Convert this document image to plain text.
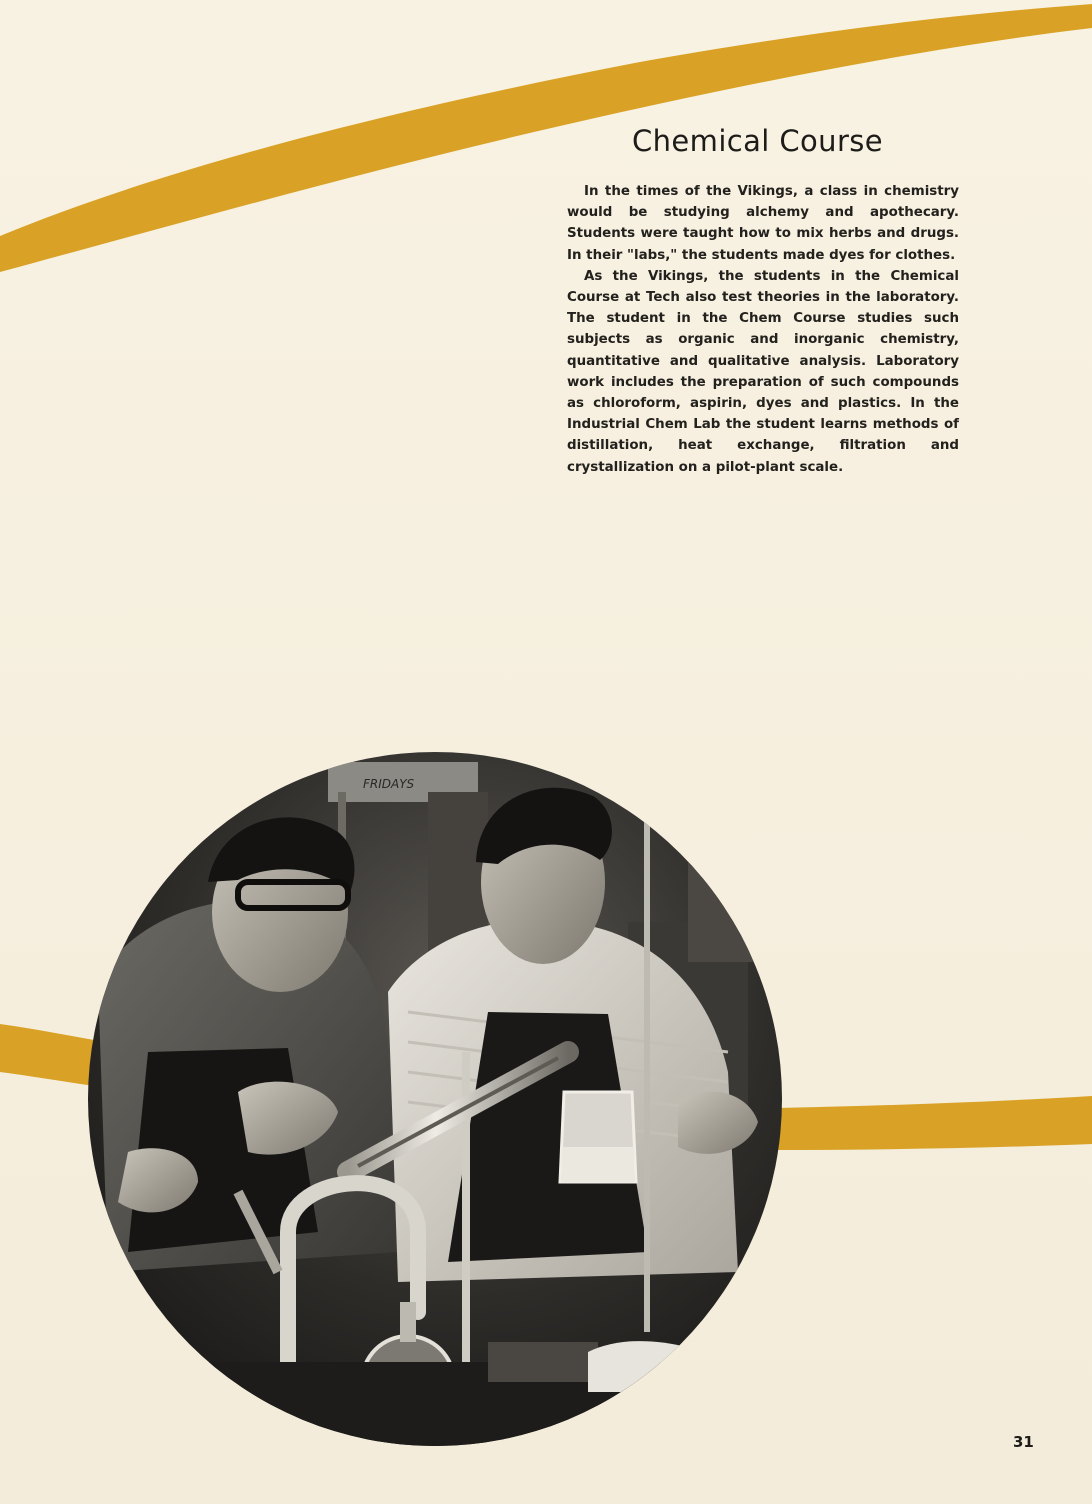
Chemical Course

In the times of the Vikings, a class in chemistry would be studying alchemy and apothecary. Students were taught how to mix herbs and drugs. In their "labs," the students made dyes for clothes.

As the Vikings, the students in the Chemical Course at Tech also test theories in the laboratory. The student in the Chem Course studies such subjects as organic and inorganic chemistry, quantitative and qualitative analysis. Laboratory work includes the preparation of such compounds as chloroform, aspirin, dyes and plastics. In the Industrial Chem Lab the student learns methods of distillation, heat exchange, filtration and crystallization on a pilot-plant scale.

FRIDAYS
31
